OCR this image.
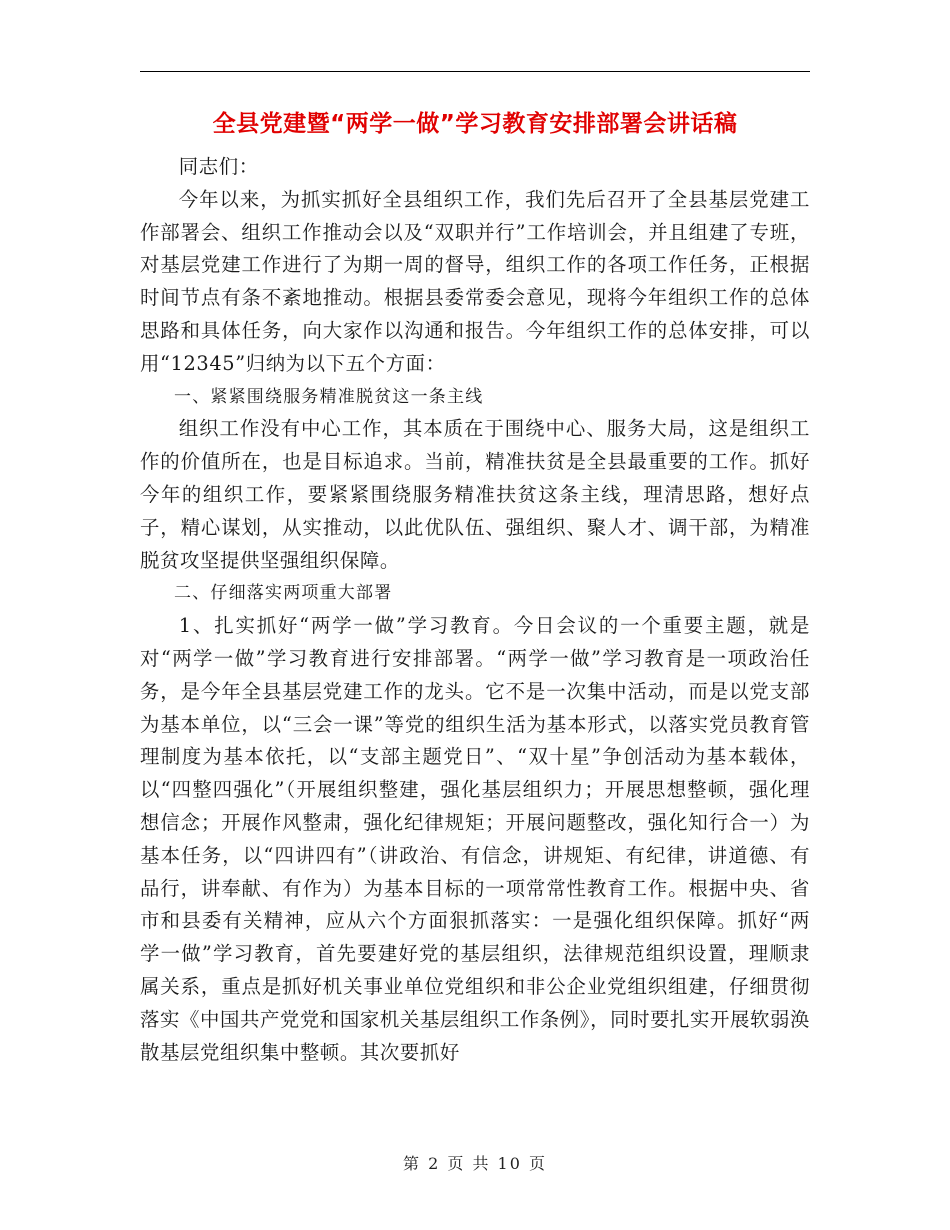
全县党建暨“两学一做”学习教育安排部署会讲话稿

同志们：

今年以来，为抓实抓好全县组织工作，我们先后召开了全县基层党建工作部署会、组织工作推动会以及“双职并行”工作培训会，并且组建了专班，对基层党建工作进行了为期一周的督导，组织工作的各项工作任务，正根据时间节点有条不紊地推动。根据县委常委会意见，现将今年组织工作的总体思路和具体任务，向大家作以沟通和报告。今年组织工作的总体安排，可以用“12345”归纳为以下五个方面：

一、紧紧围绕服务精准脱贫这一条主线

组织工作没有中心工作，其本质在于围绕中心、服务大局，这是组织工作的价值所在，也是目标追求。当前，精准扶贫是全县最重要的工作。抓好今年的组织工作，要紧紧围绕服务精准扶贫这条主线，理清思路，想好点子，精心谋划，从实推动，以此优队伍、强组织、聚人才、调干部，为精准脱贫攻坚提供坚强组织保障。

二、仔细落实两项重大部署

1、扎实抓好“两学一做”学习教育。今日会议的一个重要主题，就是对“两学一做”学习教育进行安排部署。“两学一做”学习教育是一项政治任务，是今年全县基层党建工作的龙头。它不是一次集中活动，而是以党支部为基本单位，以“三会一课”等党的组织生活为基本形式，以落实党员教育管理制度为基本依托，以“支部主题党日”、“双十星”争创活动为基本载体，以“四整四强化”（开展组织整建，强化基层组织力；开展思想整顿，强化理想信念；开展作风整肃，强化纪律规矩；开展问题整改，强化知行合一）为基本任务，以“四讲四有”（讲政治、有信念，讲规矩、有纪律，讲道德、有品行，讲奉献、有作为）为基本目标的一项常常性教育工作。根据中央、省市和县委有关精神，应从六个方面狠抓落实：一是强化组织保障。抓好“两学一做”学习教育，首先要建好党的基层组织，法律规范组织设置，理顺隶属关系，重点是抓好机关事业单位党组织和非公企业党组织组建，仔细贯彻落实《中国共产党党和国家机关基层组织工作条例》，同时要扎实开展软弱涣散基层党组织集中整顿。其次要抓好

第 2 页 共 10 页
